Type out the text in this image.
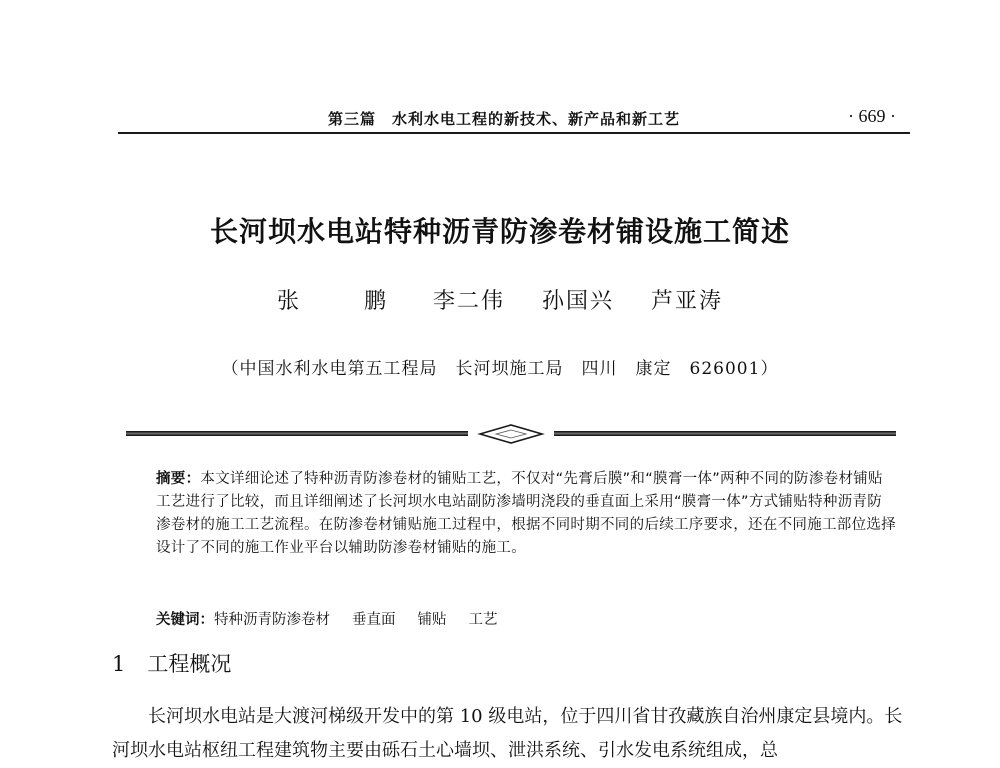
第三篇　水利水电工程的新技术、新产品和新工艺	· 669 ·
长河坝水电站特种沥青防渗卷材铺设施工简述
张 鹏 李二伟 孙国兴 芦亚涛
（中国水利水电第五工程局　长河坝施工局　四川　康定　626001）
摘要：本文详细论述了特种沥青防渗卷材的铺贴工艺，不仅对“先膏后膜”和“膜膏一体”两种不同的防渗卷材铺贴工艺进行了比较，而且详细阐述了长河坝水电站副防渗墙明浇段的垂直面上采用“膜膏一体”方式铺贴特种沥青防渗卷材的施工工艺流程。在防渗卷材铺贴施工过程中，根据不同时期不同的后续工序要求，还在不同施工部位选择设计了不同的施工作业平台以辅助防渗卷材铺贴的施工。
关键词：特种沥青防渗卷材 垂直面 铺贴 工艺
1 工程概况
长河坝水电站是大渡河梯级开发中的第 10 级电站，位于四川省甘孜藏族自治州康定县境内。长河坝水电站枢纽工程建筑物主要由砾石土心墙坝、泄洪系统、引水发电系统组成，总
